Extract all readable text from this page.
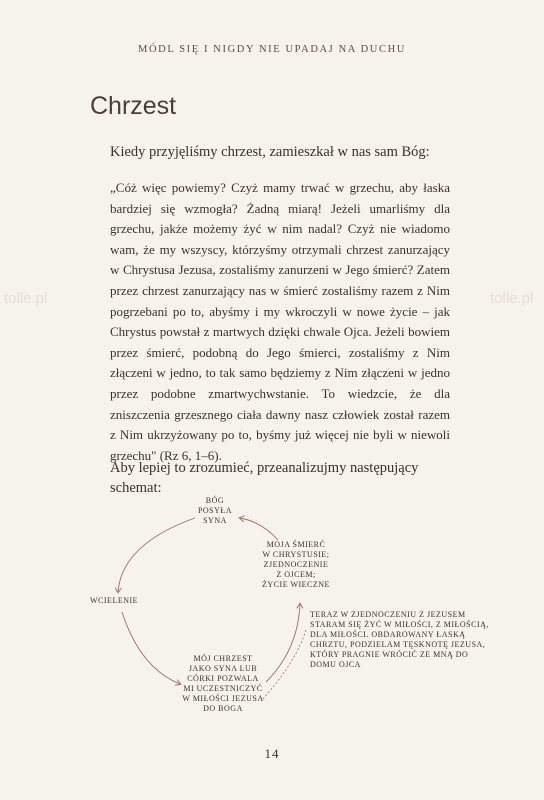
tolle.pl	tolle.pl
MÓDL SIĘ I NIGDY NIE UPADAJ NA DUCHU
Chrzest
Kiedy przyjęliśmy chrzest, zamieszkał w nas sam Bóg:
„Cóż więc powiemy? Czyż mamy trwać w grzechu, aby łaska bardziej się wzmogła? Żadną miarą! Jeżeli umarliśmy dla grzechu, jakże możemy żyć w nim nadal? Czyż nie wiadomo wam, że my wszyscy, którzyśmy otrzymali chrzest zanurzający w Chrystusa Jezusa, zostaliśmy zanurzeni w Jego śmierć? Zatem przez chrzest zanurzający nas w śmierć zostaliśmy razem z Nim pogrzebani po to, abyśmy i my wkroczyli w nowe życie – jak Chrystus powstał z martwych dzięki chwale Ojca. Jeżeli bowiem przez śmierć, podobną do Jego śmierci, zostaliśmy z Nim złączeni w jedno, to tak samo będziemy z Nim złączeni w jedno przez podobne zmartwychwstanie. To wiedzcie, że dla zniszczenia grzesznego ciała dawny nasz człowiek został razem z Nim ukrzyżowany po to, byśmy już więcej nie byli w niewoli grzechu" (Rz 6, 1–6).
Aby lepiej to zrozumieć, przeanalizujmy następujący schemat:
BÓG
POSYŁA
SYNA
MOJA ŚMIERĆ
W CHRYSTUSIE;
ZJEDNOCZENIE
Z OJCEM;
ŻYCIE WIECZNE
WCIELENIE
MÓJ CHRZEST
JAKO SYNA LUB
CÓRKI POZWALA
MI UCZESTNICZYĆ
W MIŁOŚCI JEZUSA
DO BOGA
TERAZ W ZJEDNOCZENIU Z JEZUSEM
STARAM SIĘ ŻYĆ W MIŁOŚCI, Z MIŁOŚCIĄ,
DLA MIŁOŚCI. OBDAROWANY ŁASKĄ
CHRZTU, PODZIELAM TĘSKNOTĘ JEZUSA,
KTÓRY PRAGNIE WRÓCIĆ ZE MNĄ DO
DOMU OJCA
14
